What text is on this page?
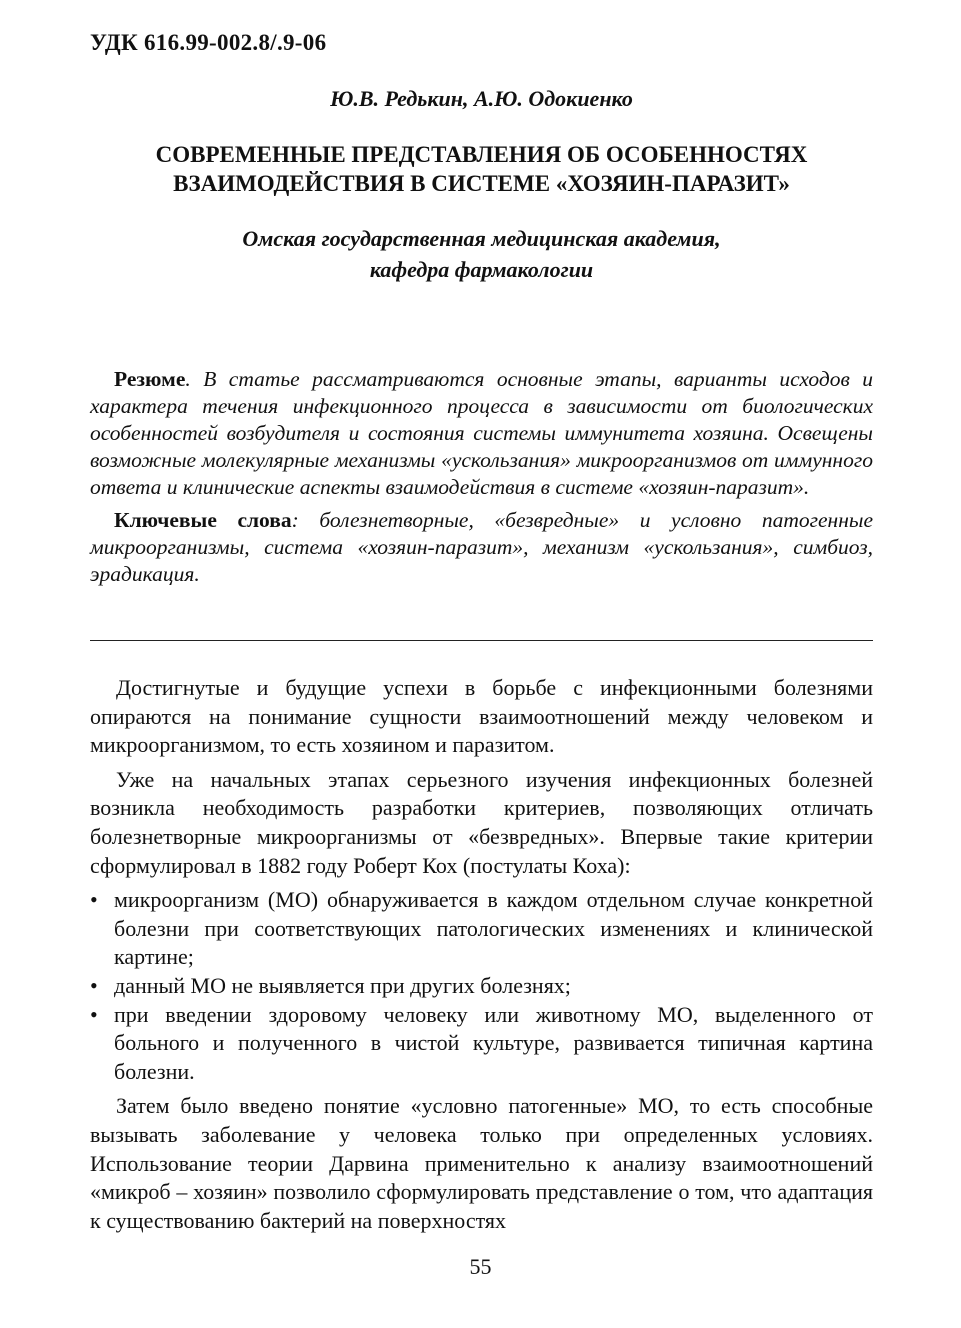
УДК 616.99-002.8/.9-06
Ю.В. Редькин, А.Ю. Одокиенко
СОВРЕМЕННЫЕ ПРЕДСТАВЛЕНИЯ ОБ ОСОБЕННОСТЯХ
ВЗАИМОДЕЙСТВИЯ В СИСТЕМЕ «ХОЗЯИН-ПАРАЗИТ»
Омская государственная медицинская академия,
кафедра фармакологии

Резюме. В статье рассматриваются основные этапы, варианты исходов и характера течения инфекционного процесса в зависимости от биологических особенностей возбудителя и состояния системы иммунитета хозяина. Освещены возможные молекулярные механизмы «ускользания» микроорганизмов от иммунного ответа и клинические аспекты взаимодействия в системе «хозяин-паразит».

Ключевые слова: болезнетворные, «безвредные» и условно патогенные микроорганизмы, система «хозяин-паразит», механизм «ускользания», симбиоз, эрадикация.

Достигнутые и будущие успехи в борьбе с инфекционными болезнями опираются на понимание сущности взаимоотношений между человеком и микроорганизмом, то есть хозяином и паразитом.

Уже на начальных этапах серьезного изучения инфекционных болезней возникла необходимость разработки критериев, позволяющих отличать болезнетворные микроорганизмы от «безвредных». Впервые такие критерии сформулировал в 1882 году Роберт Кох (постулаты Коха):

• микроорганизм (МО) обнаруживается в каждом отдельном случае конкретной болезни при соответствующих патологических изменениях и клинической картине;
• данный МО не выявляется при других болезнях;
• при введении здоровому человеку или животному МО, выделенного от больного и полученного в чистой культуре, развивается типичная картина болезни.

Затем было введено понятие «условно патогенные» МО, то есть способные вызывать заболевание у человека только при определенных условиях. Использование теории Дарвина применительно к анализу взаимоотношений «микроб – хозяин» позволило сформулировать представление о том, что адаптация к существованию бактерий на поверхностях

55
